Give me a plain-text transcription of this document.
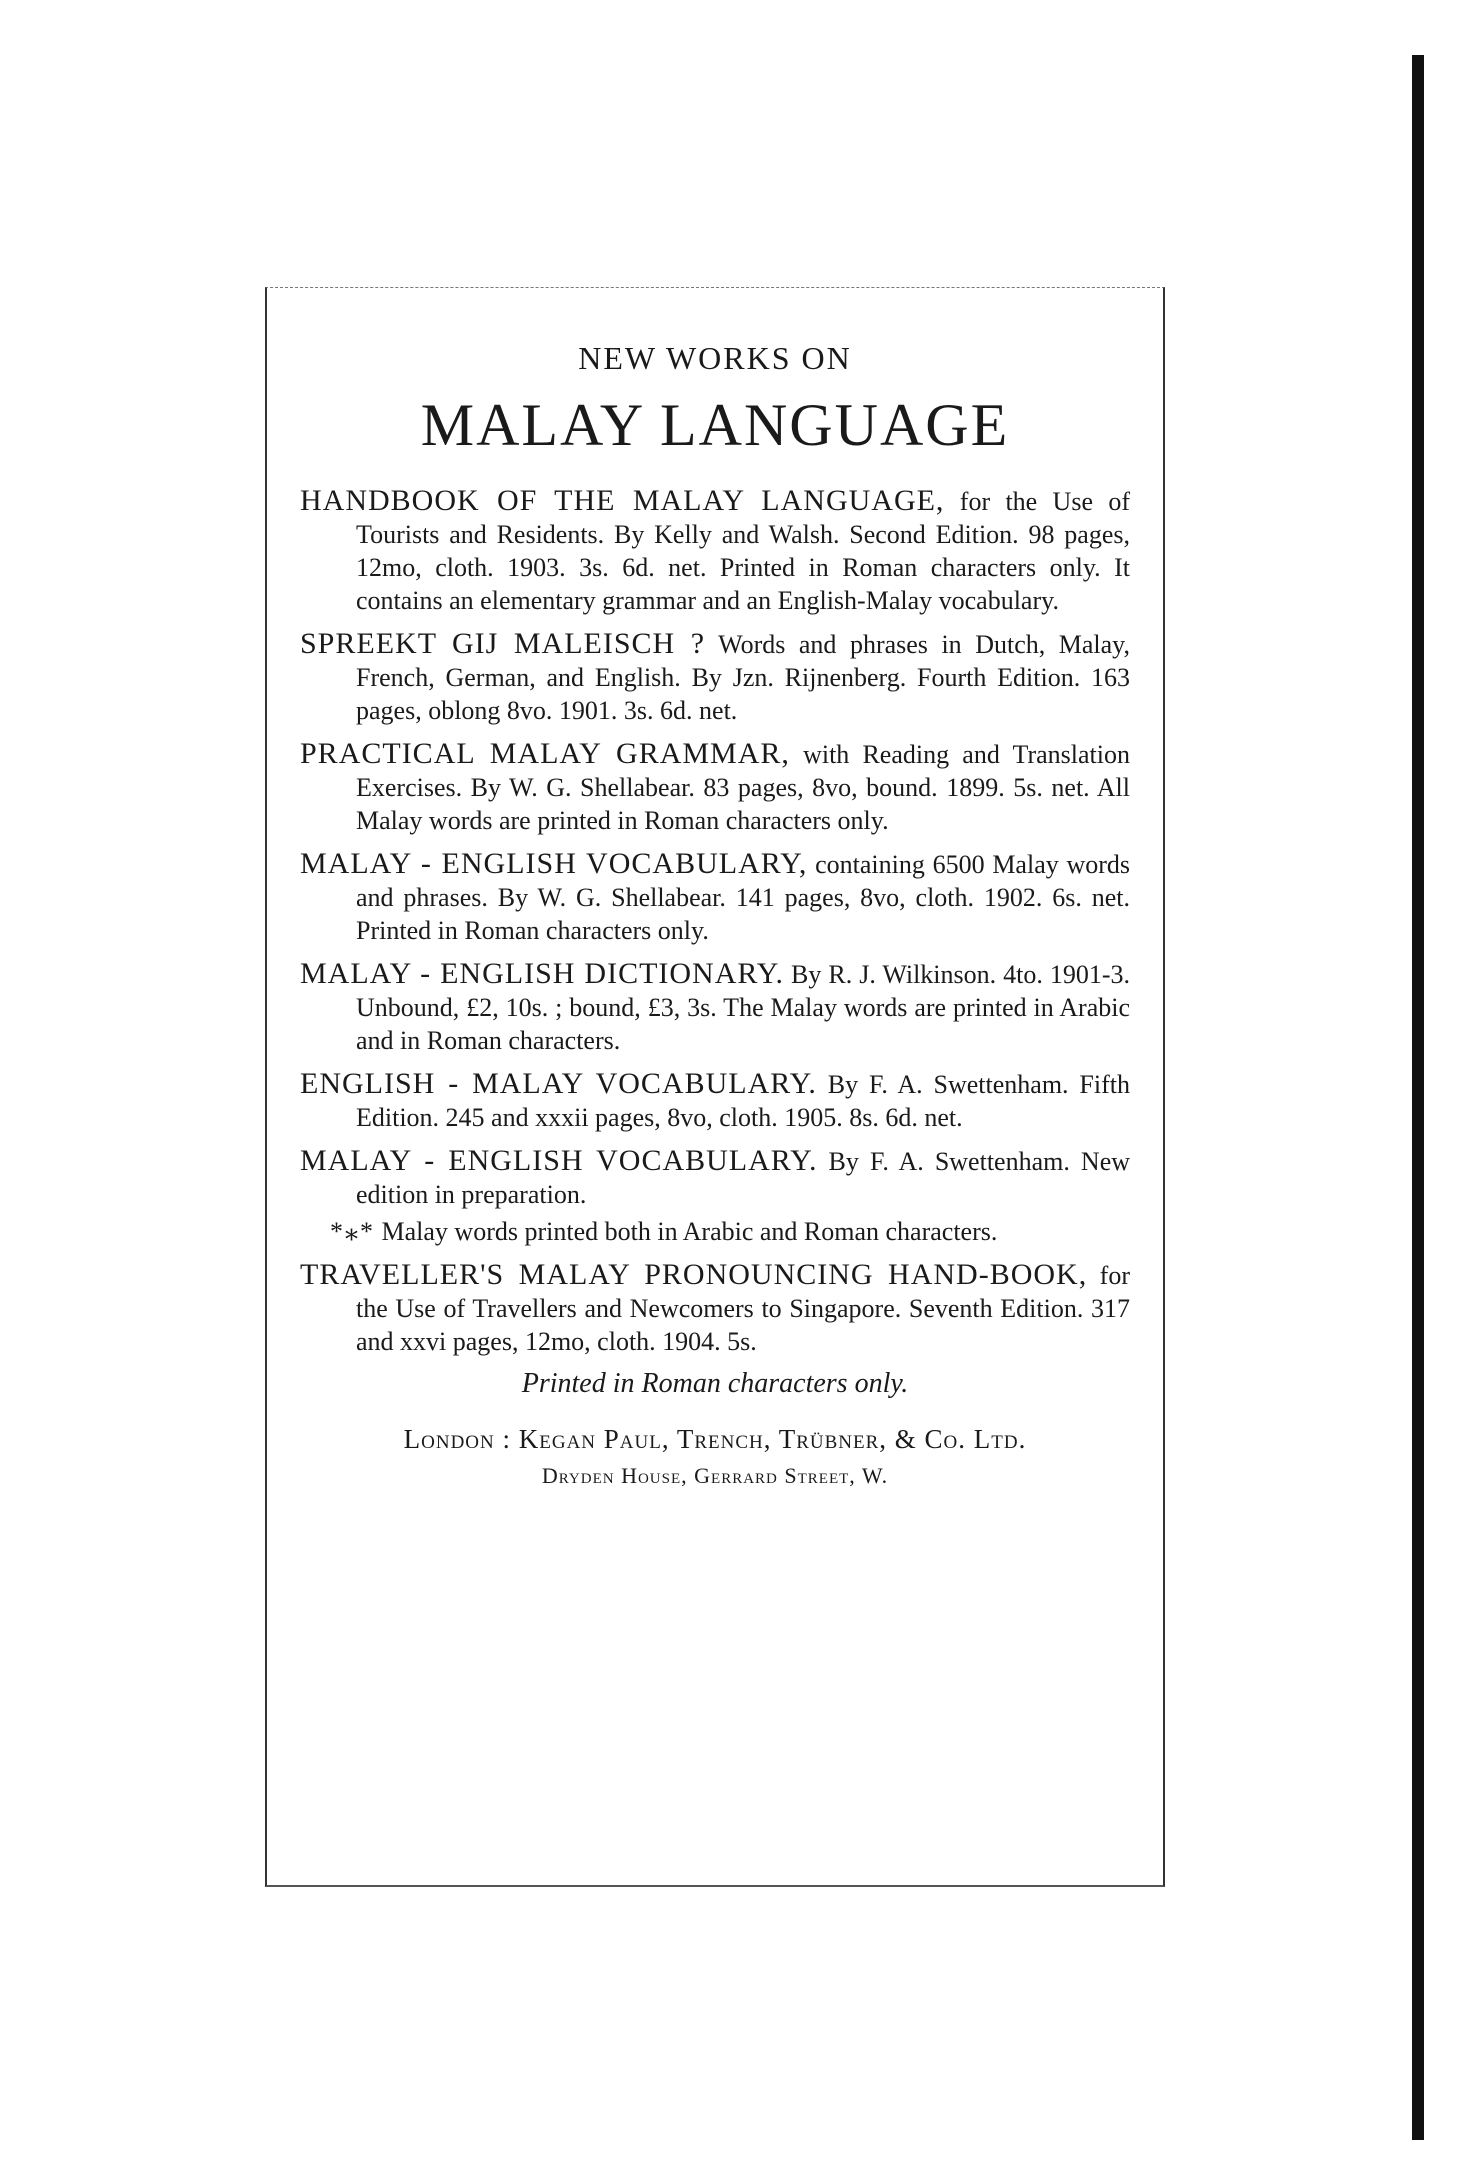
NEW WORKS ON
MALAY LANGUAGE

HANDBOOK OF THE MALAY LANGUAGE, for the Use of Tourists and Residents. By Kelly and Walsh. Second Edition. 98 pages, 12mo, cloth. 1903. 3s. 6d. net. Printed in Roman characters only. It contains an elementary grammar and an English-Malay vocabulary.

SPREEKT GIJ MALEISCH ? Words and phrases in Dutch, Malay, French, German, and English. By Jzn. Rijnenberg. Fourth Edition. 163 pages, oblong 8vo. 1901. 3s. 6d. net.

PRACTICAL MALAY GRAMMAR, with Reading and Translation Exercises. By W. G. Shellabear. 83 pages, 8vo, bound. 1899. 5s. net. All Malay words are printed in Roman characters only.

MALAY - ENGLISH VOCABULARY, containing 6500 Malay words and phrases. By W. G. Shellabear. 141 pages, 8vo, cloth. 1902. 6s. net. Printed in Roman characters only.

MALAY - ENGLISH DICTIONARY. By R. J. Wilkinson. 4to. 1901-3. Unbound, £2, 10s. ; bound, £3, 3s. The Malay words are printed in Arabic and in Roman characters.

ENGLISH - MALAY VOCABULARY. By F. A. Swettenham. Fifth Edition. 245 and xxxii pages, 8vo, cloth. 1905. 8s. 6d. net.

MALAY - ENGLISH VOCABULARY. By F. A. Swettenham. New edition in preparation.

*⁎* Malay words printed both in Arabic and Roman characters.

TRAVELLER'S MALAY PRONOUNCING HAND-BOOK, for the Use of Travellers and Newcomers to Singapore. Seventh Edition. 317 and xxvi pages, 12mo, cloth. 1904. 5s.

Printed in Roman characters only.

London : Kegan Paul, Trench, Trübner, & Co. Ltd.

Dryden House, Gerrard Street, W.
